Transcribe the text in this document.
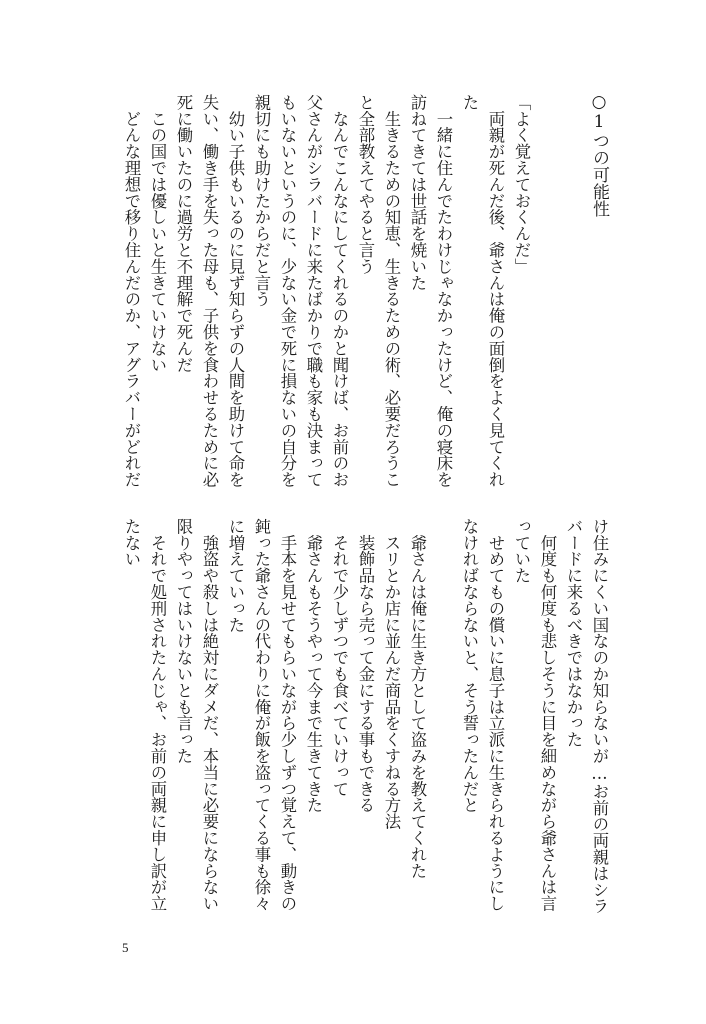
○1つの可能性
「よく覚えておくんだ」
　両親が死んだ後、爺さんは俺の面倒をよく見てくれ
た
　一緒に住んでたわけじゃなかったけど、俺の寝床を
訪ねてきては世話を焼いた
　生きるための知恵、生きるための術、必要だろうこ
と全部教えてやると言う
　なんでこんなにしてくれるのかと聞けば、お前のお
父さんがシラバードに来たばかりで職も家も決まって
もいないというのに、少ない金で死に損ないの自分を
親切にも助けたからだと言う
　幼い子供もいるのに見ず知らずの人間を助けて命を
失い、働き手を失った母も、子供を食わせるために必
死に働いたのに過労と不理解で死んだ
　この国では優しいと生きていけない
　どんな理想で移り住んだのか、アグラバーがどれだ
け住みにくい国なのか知らないが…お前の両親はシラ
バードに来るべきではなかった
　何度も何度も悲しそうに目を細めながら爺さんは言
っていた
　せめてもの償いに息子は立派に生きられるようにし
なければならないと、そう誓ったんだと
　爺さんは俺に生き方として盗みを教えてくれた
　スリとか店に並んだ商品をくすねる方法
　装飾品なら売って金にする事もできる
　それで少しずつでも食べていけって
　爺さんもそうやって今まで生きてきた
　手本を見せてもらいながら少しずつ覚えて、動きの
鈍った爺さんの代わりに俺が飯を盗ってくる事も徐々
に増えていった
　強盗や殺しは絶対にダメだ、本当に必要にならない
限りやってはいけないとも言った
　それで処刑されたんじゃ、お前の両親に申し訳が立
たない
5
